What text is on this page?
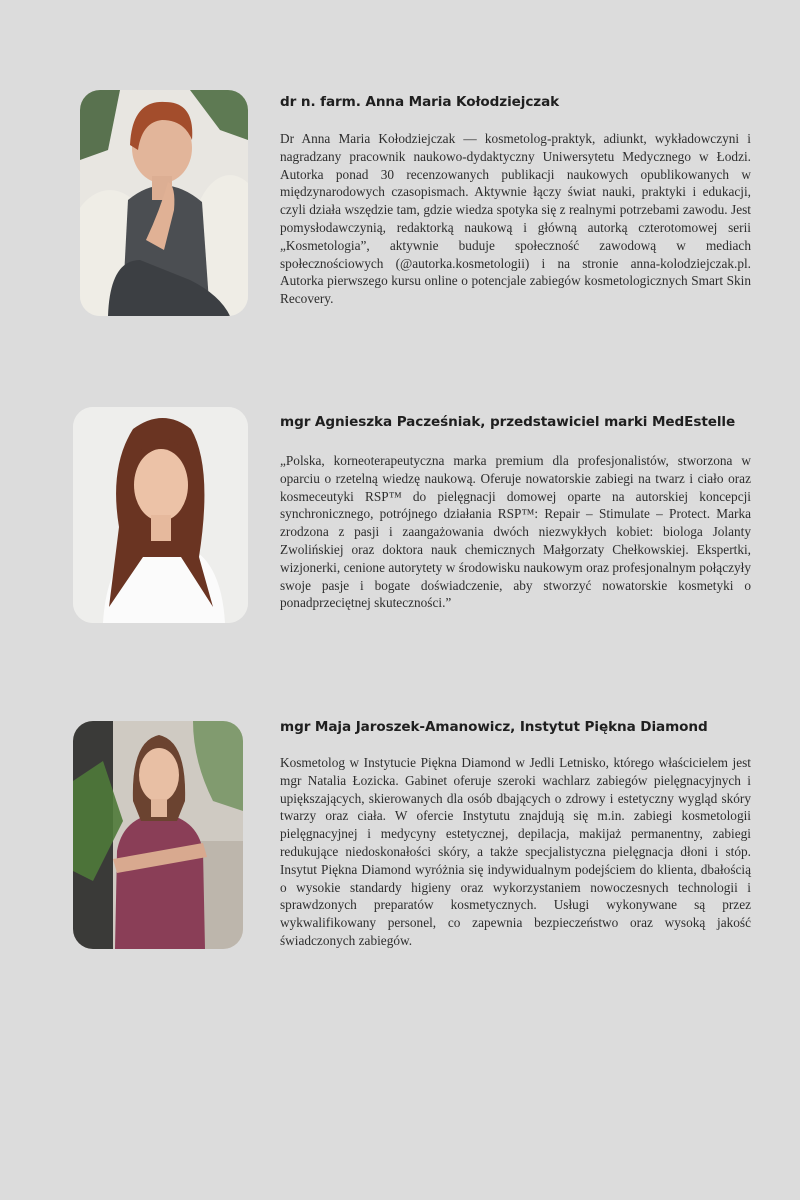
dr n. farm. Anna Maria Kołodziejczak

Dr Anna Maria Kołodziejczak — kosmetolog-praktyk, adiunkt, wykładowczyni i nagradzany pracownik naukowo-dydaktyczny Uniwersytetu Medycznego w Łodzi. Autorka ponad 30 recenzowanych publikacji naukowych opublikowanych w międzynarodowych czasopismach. Aktywnie łączy świat nauki, praktyki i edukacji, czyli działa wszędzie tam, gdzie wiedza spotyka się z realnymi potrzebami zawodu. Jest pomysłodawczynią, redaktorką naukową i główną autorką czterotomowej serii „Kosmetologia”, aktywnie buduje społeczność zawodową w mediach społecznościowych (@autorka.kosmetologii) i na stronie anna-kolodziejczak.pl. Autorka pierwszego kursu online o potencjale zabiegów kosmetologicznych Smart Skin Recovery.

mgr Agnieszka Pacześniak, przedstawiciel marki MedEstelle

„Polska, korneoterapeutyczna marka premium dla profesjonalistów, stworzona w oparciu o rzetelną wiedzę naukową. Oferuje nowatorskie zabiegi na twarz i ciało oraz kosmeceutyki RSP™ do pielęgnacji domowej oparte na autorskiej koncepcji synchronicznego, potrójnego działania RSP™: Repair – Stimulate – Protect. Marka zrodzona z pasji i zaangażowania dwóch niezwykłych kobiet: biologa Jolanty Zwolińskiej oraz doktora nauk chemicznych Małgorzaty Chełkowskiej. Ekspertki, wizjonerki, cenione autorytety w środowisku naukowym oraz profesjonalnym połączyły swoje pasje i bogate doświadczenie, aby stworzyć nowatorskie kosmetyki o ponadprzeciętnej skuteczności.”

mgr Maja Jaroszek-Amanowicz, Instytut Piękna Diamond

Kosmetolog w Instytucie Piękna Diamond w Jedli Letnisko, którego właścicielem jest mgr Natalia Łozicka. Gabinet oferuje szeroki wachlarz zabiegów pielęgnacyjnych i upiększających, skierowanych dla osób dbających o zdrowy i estetyczny wygląd skóry twarzy oraz ciała. W ofercie Instytutu znajdują się m.in. zabiegi kosmetologii pielęgnacyjnej i medycyny estetycznej, depilacja, makijaż permanentny, zabiegi redukujące niedoskonałości skóry, a także specjalistyczna pielęgnacja dłoni i stóp. Insytut Piękna Diamond wyróżnia się indywidualnym podejściem do klienta, dbałością o wysokie standardy higieny oraz wykorzystaniem nowoczesnych technologii i sprawdzonych preparatów kosmetycznych. Usługi wykonywane są przez wykwalifikowany personel, co zapewnia bezpieczeństwo oraz wysoką jakość świadczonych zabiegów.
